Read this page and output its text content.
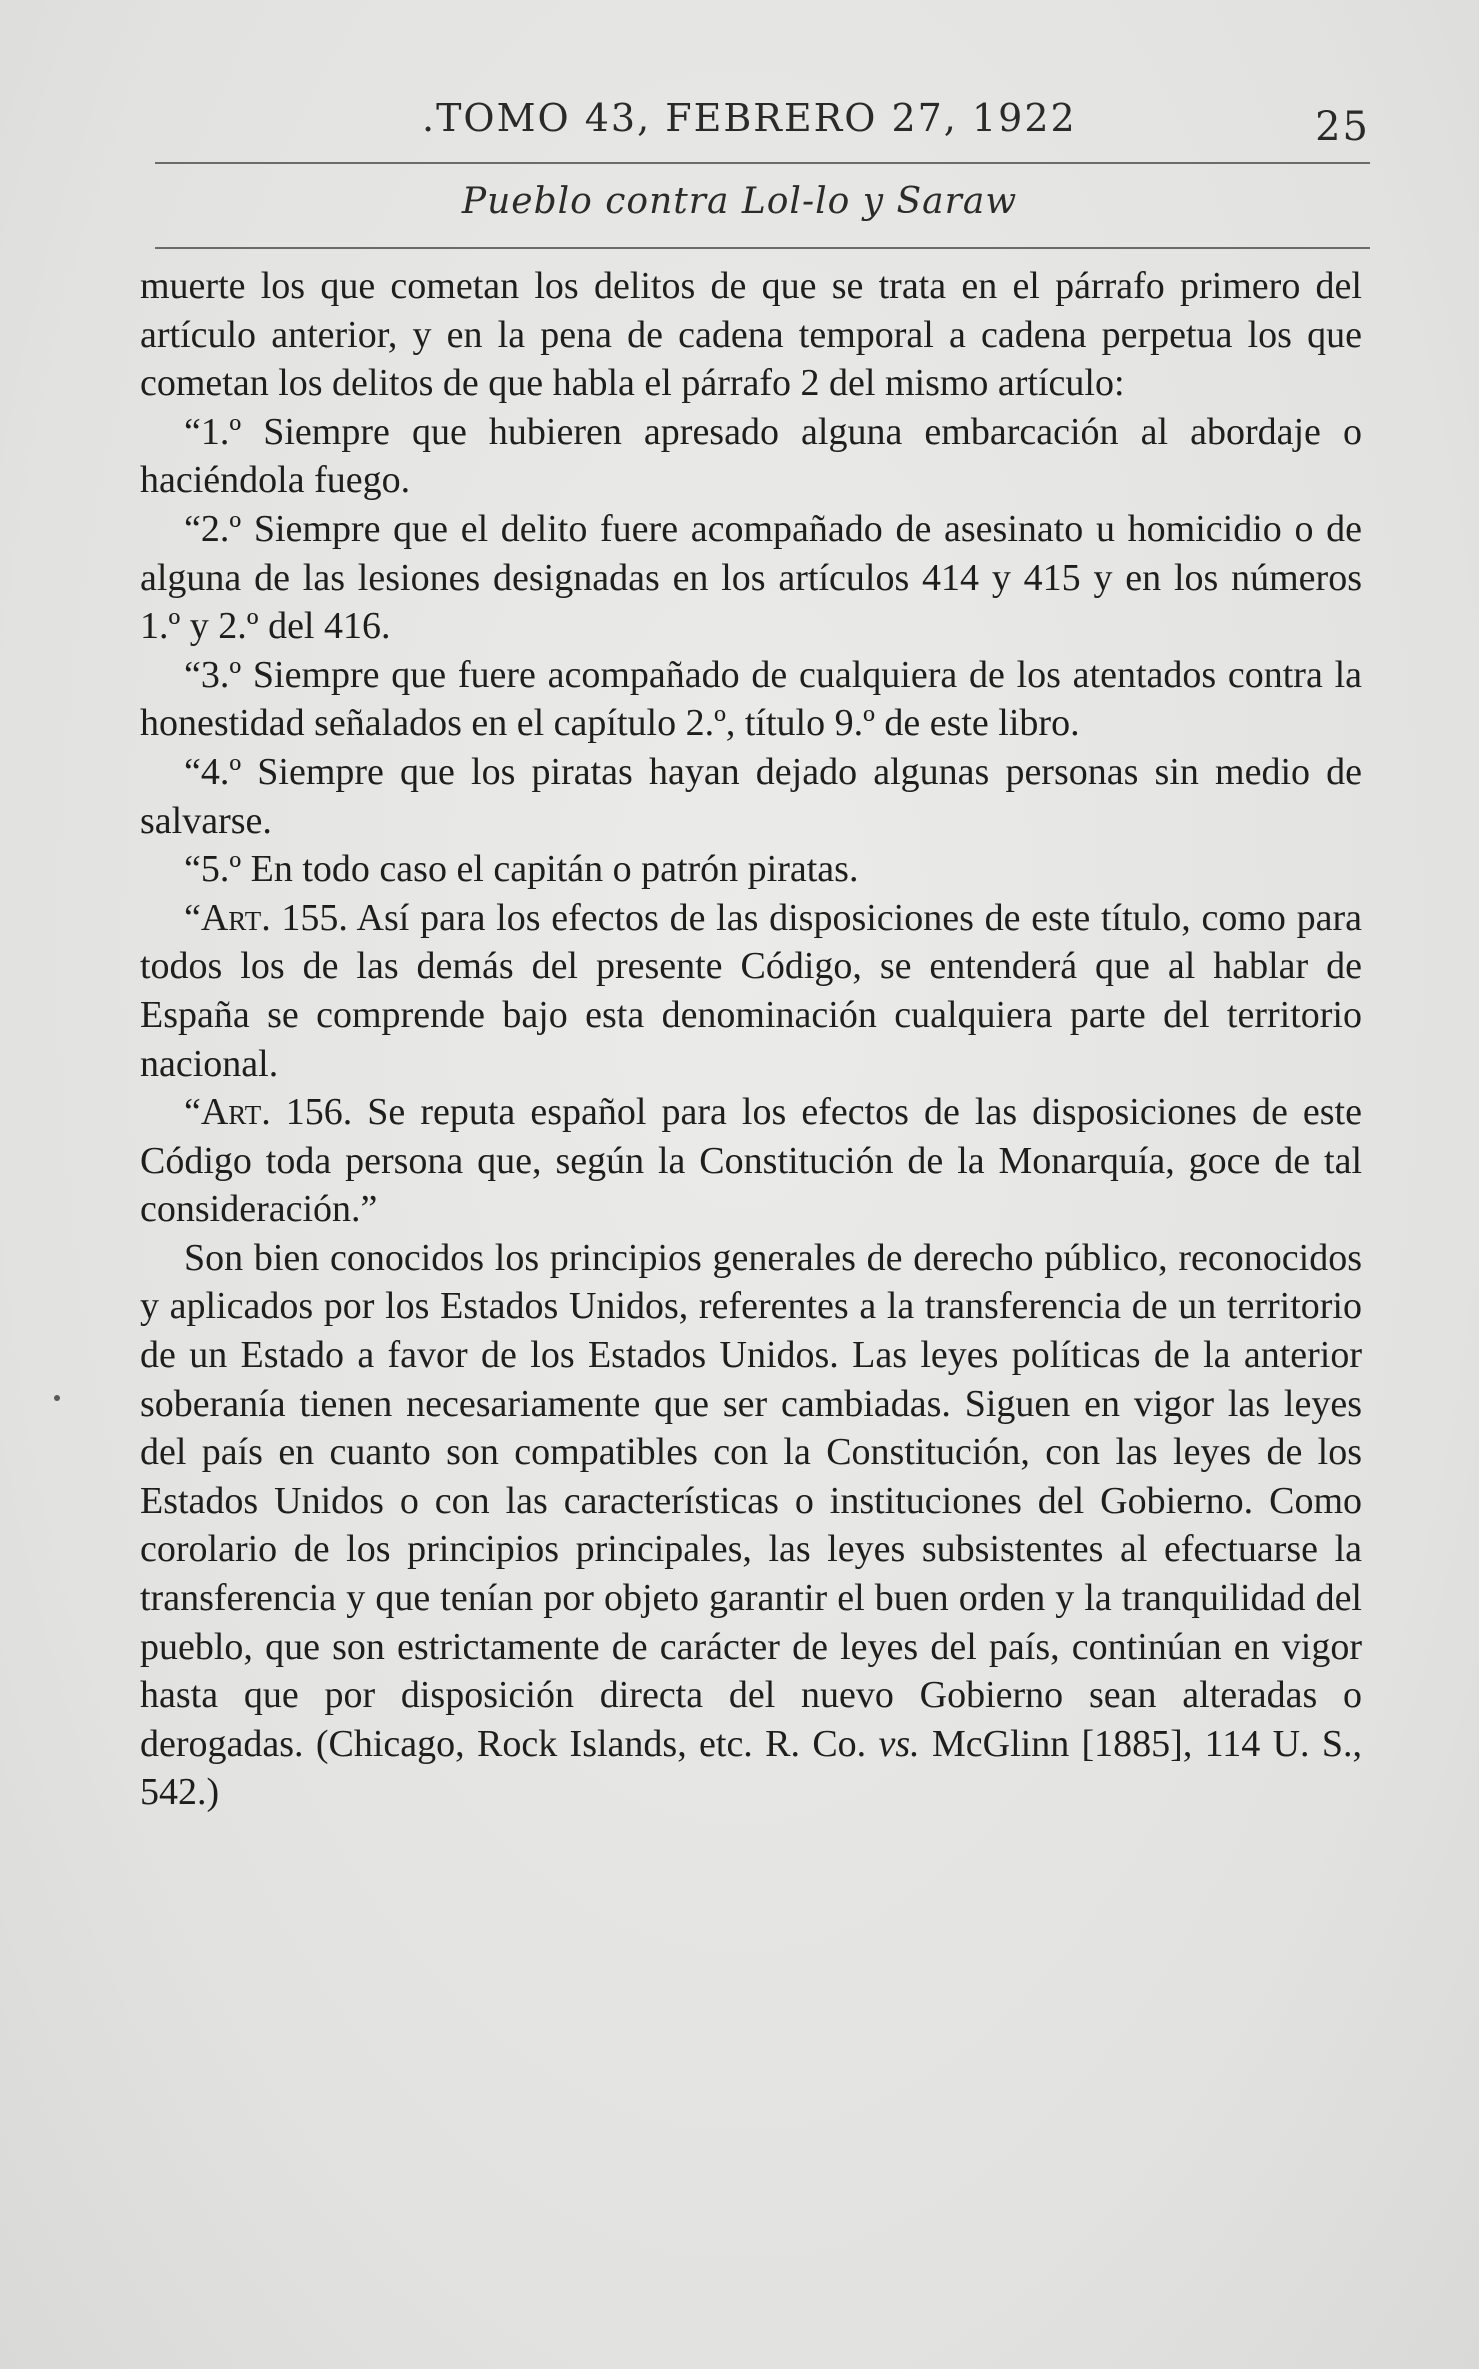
.TOMO 43, FEBRERO 27, 1922	25
Pueblo contra Lol-lo y Saraw

muerte los que cometan los delitos de que se trata en el párrafo primero del artículo anterior, y en la pena de cadena temporal a cadena perpetua los que cometan los delitos de que habla el párrafo 2 del mismo artículo:

“1.º Siempre que hubieren apresado alguna embarcación al abordaje o haciéndola fuego.

“2.º Siempre que el delito fuere acompañado de asesinato u homicidio o de alguna de las lesiones designadas en los artículos 414 y 415 y en los números 1.º y 2.º del 416.

“3.º Siempre que fuere acompañado de cualquiera de los atentados contra la honestidad señalados en el capítulo 2.º, título 9.º de este libro.

“4.º Siempre que los piratas hayan dejado algunas personas sin medio de salvarse.

“5.º En todo caso el capitán o patrón piratas.

“Art. 155. Así para los efectos de las disposiciones de este título, como para todos los de las demás del presente Código, se entenderá que al hablar de España se comprende bajo esta denominación cualquiera parte del territorio nacional.

“Art. 156. Se reputa español para los efectos de las disposiciones de este Código toda persona que, según la Constitución de la Monarquía, goce de tal consideración.”

Son bien conocidos los principios generales de derecho público, reconocidos y aplicados por los Estados Unidos, referentes a la transferencia de un territorio de un Estado a favor de los Estados Unidos. Las leyes políticas de la anterior soberanía tienen necesariamente que ser cambiadas. Siguen en vigor las leyes del país en cuanto son compatibles con la Constitución, con las leyes de los Estados Unidos o con las características o instituciones del Gobierno. Como corolario de los principios principales, las leyes subsistentes al efectuarse la transferencia y que tenían por objeto garantir el buen orden y la tranquilidad del pueblo, que son estrictamente de carácter de leyes del país, continúan en vigor hasta que por disposición directa del nuevo Gobierno sean alteradas o derogadas. (Chicago, Rock Islands, etc. R. Co. vs. McGlinn [1885], 114 U. S., 542.)
